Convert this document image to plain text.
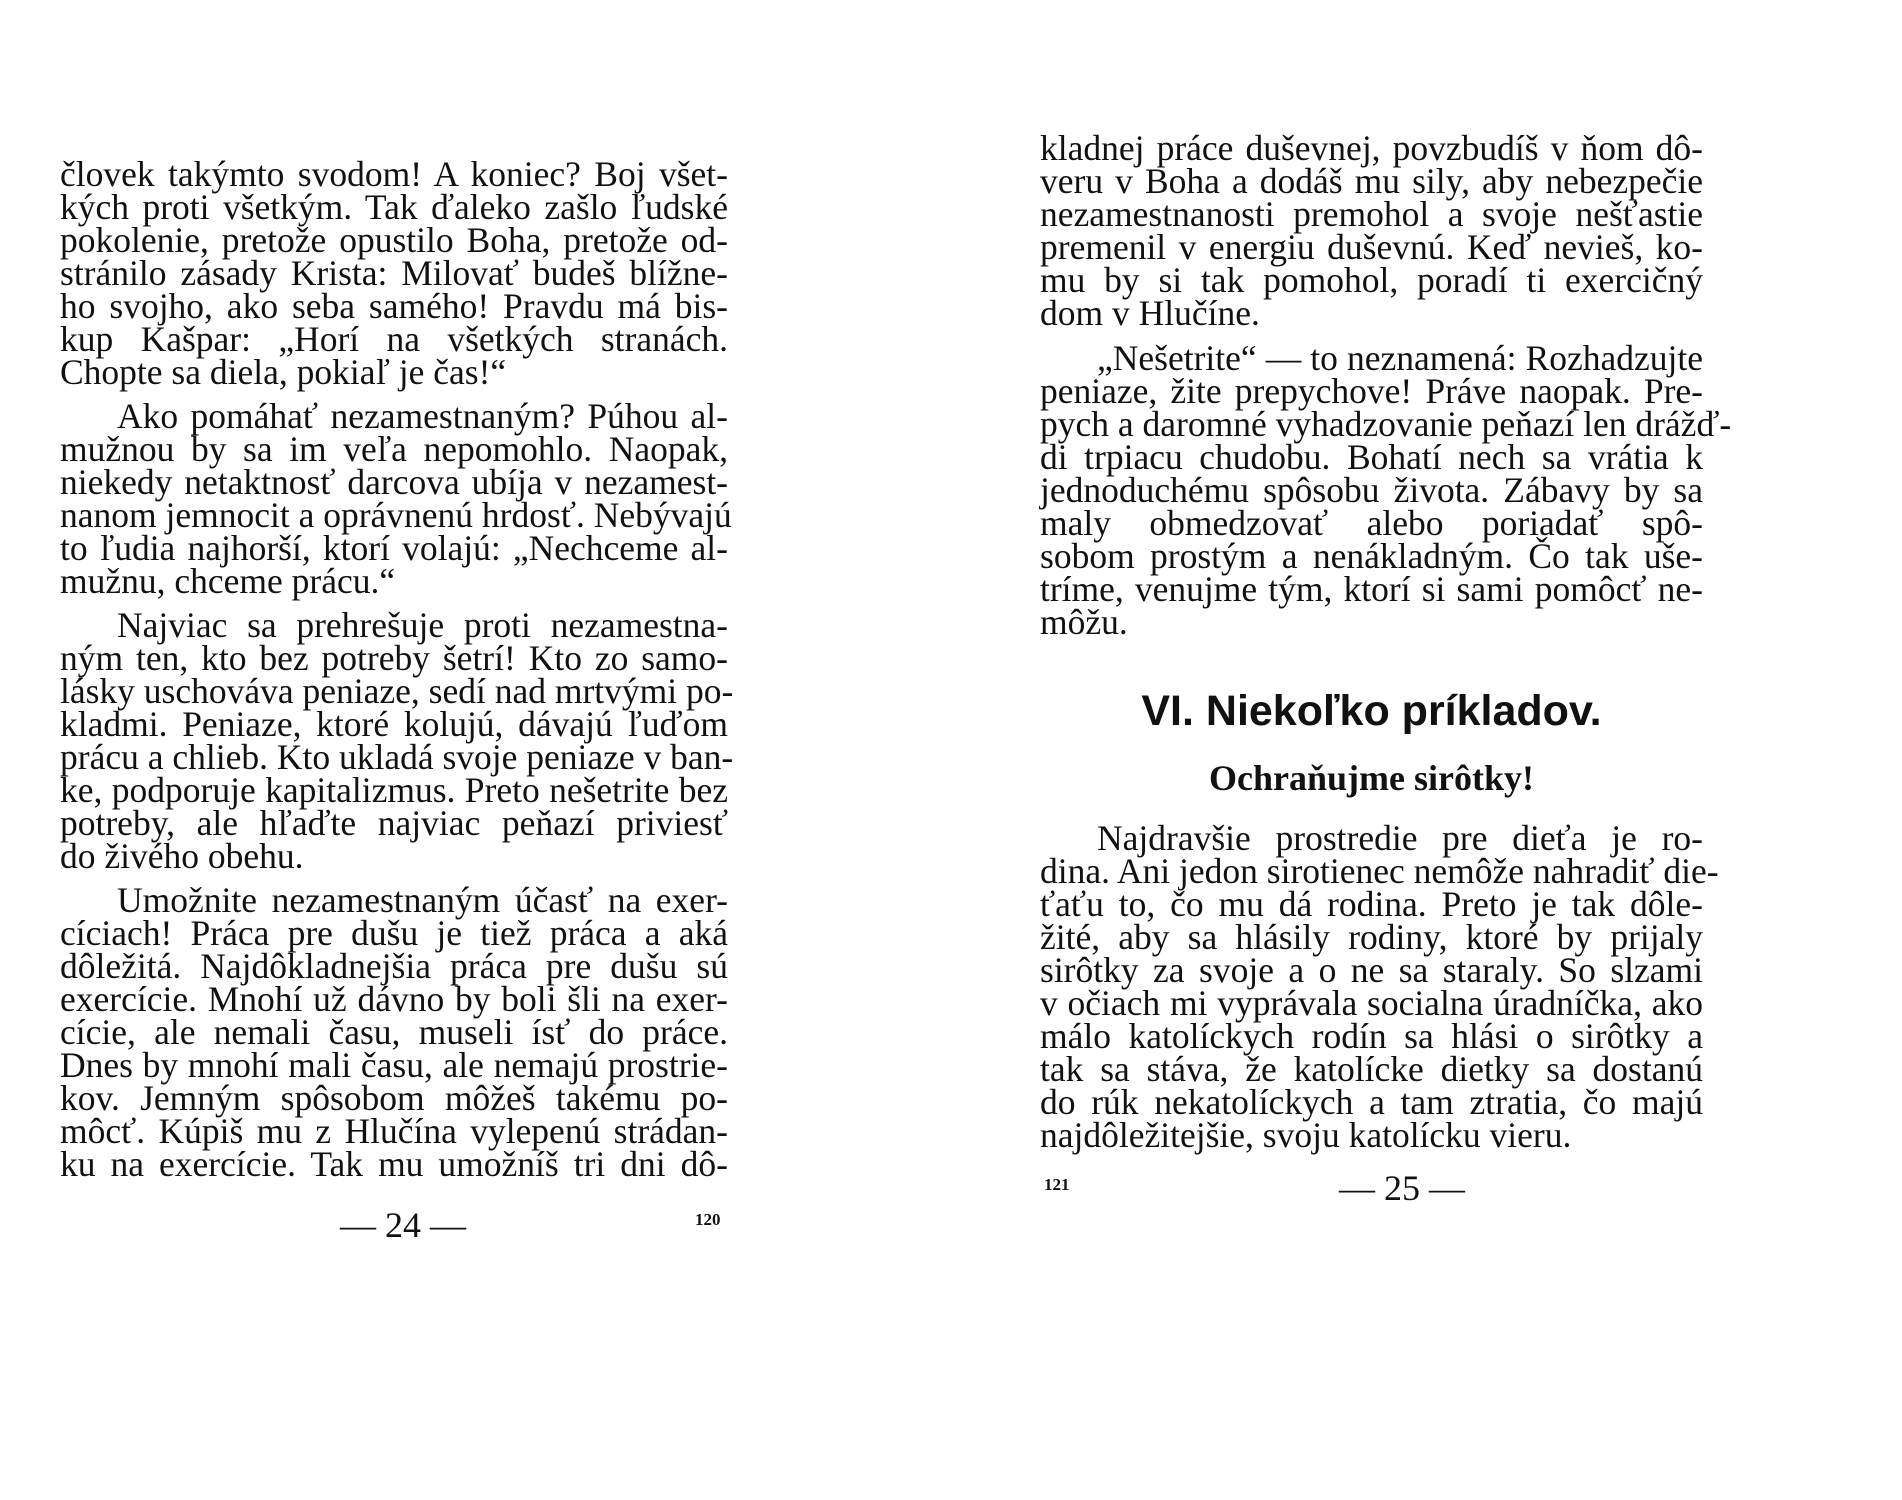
človek takýmto svodom! A koniec? Boj všet-
kých proti všetkým. Tak ďaleko zašlo ľudské
pokolenie, pretože opustilo Boha, pretože od-
stránilo zásady Krista: Milovať budeš blížne-
ho svojho, ako seba samého! Pravdu má bis-
kup Kašpar: „Horí na všetkých stranách.
Chopte sa diela, pokiaľ je čas!“
Ako pomáhať nezamestnaným? Púhou al-
mužnou by sa im veľa nepomohlo. Naopak,
niekedy netaktnosť darcova ubíja v nezamest-
nanom jemnocit a oprávnenú hrdosť. Nebývajú
to ľudia najhorší, ktorí volajú: „Nechceme al-
mužnu, chceme prácu.“
Najviac sa prehrešuje proti nezamestna-
ným ten, kto bez potreby šetrí! Kto zo samo-
lásky uschováva peniaze, sedí nad mrtvými po-
kladmi. Peniaze, ktoré kolujú, dávajú ľuďom
prácu a chlieb. Kto ukladá svoje peniaze v ban-
ke, podporuje kapitalizmus. Preto nešetrite bez
potreby, ale hľaďte najviac peňazí priviesť
do živého obehu.
Umožnite nezamestnaným účasť na exer-
cíciach! Práca pre dušu je tiež práca a aká
dôležitá. Najdôkladnejšia práca pre dušu sú
exercície. Mnohí už dávno by boli šli na exer-
cície, ale nemali času, museli ísť do práce.
Dnes by mnohí mali času, ale nemajú prostrie-
kov. Jemným spôsobom môžeš takému po-
môcť. Kúpiš mu z Hlučína vylepenú strádan-
ku na exercície. Tak mu umožníš tri dni dô-
— 24 —	120
kladnej práce duševnej, povzbudíš v ňom dô-
veru v Boha a dodáš mu sily, aby nebezpečie
nezamestnanosti premohol a svoje nešťastie
premenil v energiu duševnú. Keď nevieš, ko-
mu by si tak pomohol, poradí ti exercičný
dom v Hlučíne.
„Nešetrite“ — to neznamená: Rozhadzujte
peniaze, žite prepychove! Práve naopak. Pre-
pych a daromné vyhadzovanie peňazí len drážď-
di trpiacu chudobu. Bohatí nech sa vrátia k
jednoduchému spôsobu života. Zábavy by sa
maly obmedzovať alebo poriadať spô-
sobom prostým a nenákladným. Čo tak uše-
tríme, venujme tým, ktorí si sami pomôcť ne-
môžu.
VI. Niekoľko príkladov.
Ochraňujme sirôtky!
Najdravšie prostredie pre dieťa je ro-
dina. Ani jedon sirotienec nemôže nahradiť die-
ťaťu to, čo mu dá rodina. Preto je tak dôle-
žité, aby sa hlásily rodiny, ktoré by prijaly
sirôtky za svoje a o ne sa staraly. So slzami
v očiach mi vyprávala socialna úradníčka, ako
málo katolíckych rodín sa hlási o sirôtky a
tak sa stáva, že katolícke dietky sa dostanú
do rúk nekatolíckych a tam ztratia, čo majú
najdôležitejšie, svoju katolícku vieru.
121	— 25 —
